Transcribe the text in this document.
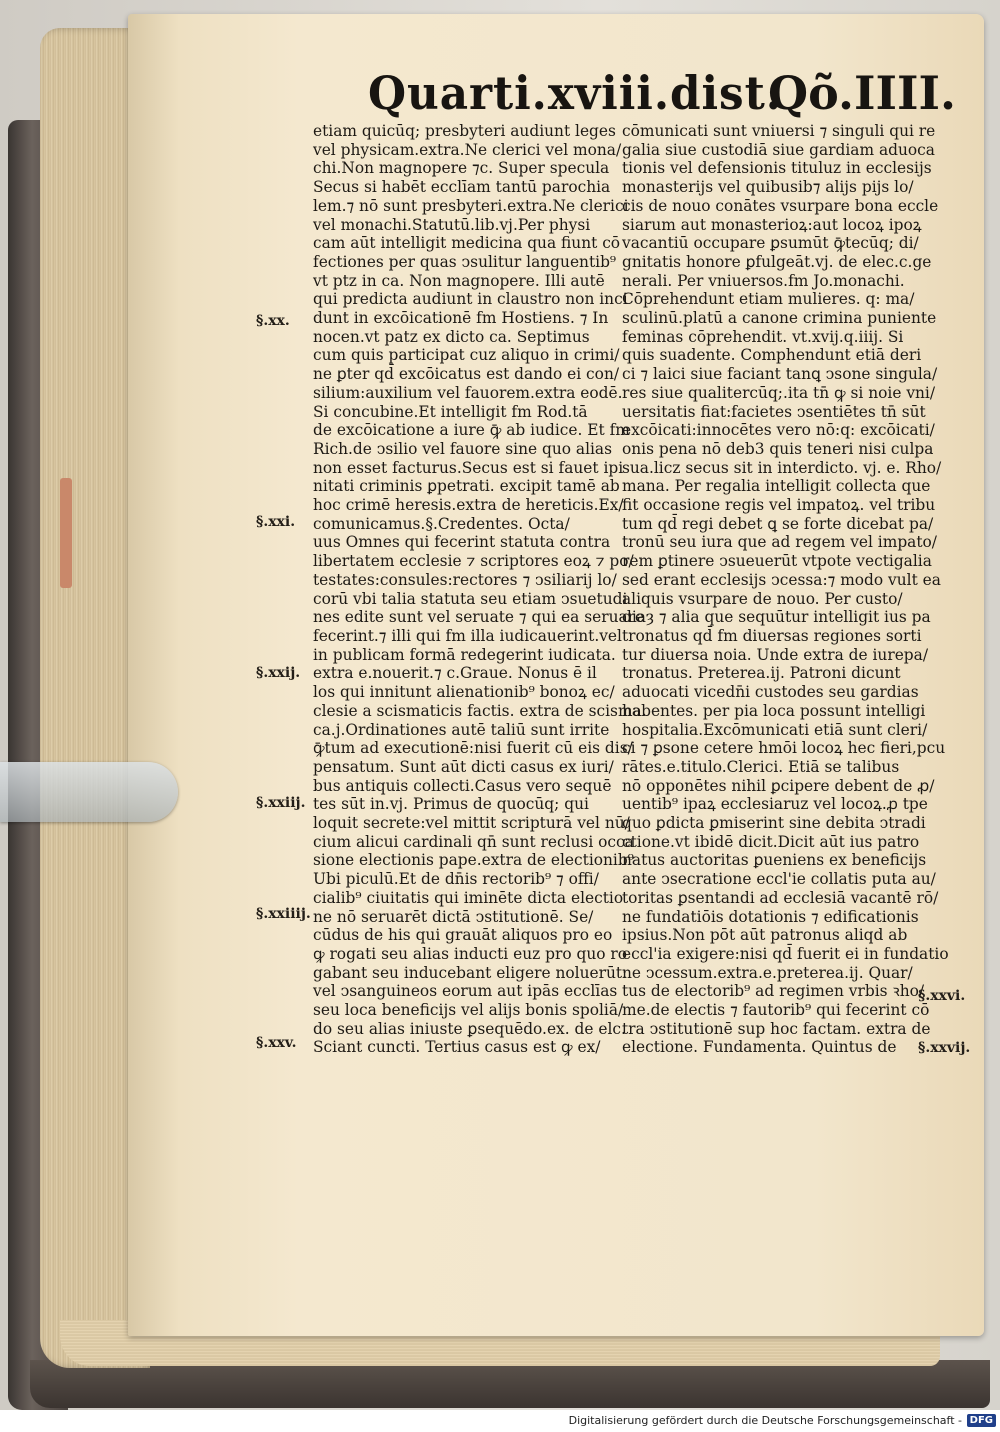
Quarti.xviii.dist.
Qõ.IIII.
etiam quicūq; presbyteri audiunt leges
vel physicam.extra.Ne clerici vel mona/
chi.Non magnopere ⁊c. Super specula
Secus si habēt ecclīam tantū parochia
lem.⁊ nō sunt presbyteri.extra.Ne clerici
vel monachi.Statutū.lib.vj.Per physi
cam aūt intelligit medicina qua fiunt cō
fectiones per quas ↄsulitur languentib⁹
vt ptz in ca. Non magnopere. Illi autē
qui predicta audiunt in claustro non inci
dunt in excōicationē fm Hostiens. ⁊ In
nocen.vt patz ex dicto ca. Septimus
cum quis participat cuz aliquo in crimi/
ne ꝑter qd̄ excōicatus est dando ei con/
silium:auxilium vel fauorem.extra eodē.
Si concubine.Et intelligit fm Rod.tā
de excōicatione a iure ꝙ̄ ab iudice. Et fm
Rich.de ↄsilio vel fauore sine quo alias
non esset facturus.Secus est si fauet ipi
nitati criminis ꝑpetrati. excipit tamē ab
hoc crimē heresis.extra de hereticis.Ex/
comunicamus.§.Credentes. Octa/
uus Omnes qui fecerint statuta contra
libertatem ecclesie ⁊ scriptores eoꝝ ⁊ po/
testates:consules:rectores ⁊ ↄsiliarij lo/
corū vbi talia statuta seu etiam ↄsuetudi
nes edite sunt vel seruate ⁊ qui ea seruare
fecerint.⁊ illi qui fm illa iudicauerint.vel
in publicam formā redegerint iudicata.
extra e.nouerit.⁊ c.Graue. Nonus ē il
los qui innitunt alienationib⁹ bonoꝝ ec/
clesie a scismaticis factis. extra de scisma.
ca.j.Ordinationes autē taliū sunt irrite
ꝙ̄tum ad executionē:nisi fuerit cū eis dis/
pensatum. Sunt aūt dicti casus ex iuri/
bus antiquis collecti.Casus vero sequē
tes sūt in.vj. Primus de quocūq; qui
loquit secrete:vel mittit scripturā vel nū/
cium alicui cardinali qn̄ sunt reclusi occa
sione electionis pape.extra de electionib⁹
Ubi piculū.Et de dn̄is rectorib⁹ ⁊ offi/
cialib⁹ ciuitatis qui iminēte dicta electio
ne nō seruarēt dictā ↄstitutionē. Se/
cūdus de his qui grauāt aliquos pro eo
ꝙ rogati seu alias inducti euz pro quo ro
gabant seu inducebant eligere noluerūt:
vel ↄsanguineos eorum aut ipās ecclīas
seu loca beneficijs vel alijs bonis spoliā/
do seu alias iniuste ꝑsequēdo.ex. de elc.
Sciant cuncti. Tertius casus est ꝙ ex/
cōmunicati sunt vniuersi ⁊ singuli qui re
galia siue custodiā siue gardiam aduoca
tionis vel defensionis tituluz in ecclesijs
monasterijs vel quibusib⁊ alijs pijs lo/
cis de nouo conātes vsurpare bona eccle
siarum aut monasterioꝝ:aut locoꝝ ipoꝝ
vacantiū occupare ꝑsumūt ꝙ̄tecūq; di/
gnitatis honore ꝑfulgeāt.vj. de elec.c.ge
nerali. Per vniuersos.fm Jo.monachi.
Cōprehendunt etiam mulieres. q: ma/
sculinū.platū a canone crimina puniente
feminas cōprehendit. vt.xvij.q.iiij. Si
quis suadente. Comphendunt etiā deri
ci ⁊ laici siue faciant tanꝗ ↄsone singula/
res siue qualitercūq;.ita tn̄ ꝙ si noie vni/
uersitatis fiat:facietes ↄsentiētes tn̄ sūt
excōicati:innocētes vero nō:q: excōicati/
onis pena nō deb3 quis teneri nisi culpa
sua.licz secus sit in interdicto. vj. e. Rho/
mana. Per regalia intelligit collecta que
fit occasione regis vel impatoꝝ. vel tribu
tum qd̄ regi debet ꝗ se forte dicebat pa/
tronū seu iura que ad regem vel impato/
rem ꝑtinere ↄsueuerūt vtpote vectigalia
sed erant ecclesijs ↄcessa:⁊ modo vult ea
aliquis vsurpare de nouo. Per custo/
diaȝ ⁊ alia que sequūtur intelligit ius pa
tronatus qd̄ fm diuersas regiones sorti
tur diuersa noia. Unde extra de iurepa/
tronatus. Preterea.ij. Patroni dicunt
aduocati vicedn̄i custodes seu gardias
habentes. per pia loca possunt intelligi
hospitalia.Excōmunicati etiā sunt cleri/
ci ⁊ ꝑsone cetere hmōi locoꝝ hec fieri,pcu
rātes.e.titulo.Clerici. Etiā se talibus
nō opponētes nihil ꝑcipere debent de ꝓ/
uentib⁹ ipaꝝ ecclesiaruz vel locoꝝ.ꝓ tpe
quo ꝑdicta ꝑmiserint sine debita ↄtradi
ctione.vt ibidē dicit.Dicit aūt ius patro
natus auctoritas ꝑueniens ex beneficijs
ante ↄsecratione eccl'ie collatis puta au/
toritas ꝑsentandi ad ecclesiā vacantē rō/
ne fundatiōis dotationis ⁊ edificationis
ipsius.Non pōt aūt patronus aliqd ab
eccl'ia exigere:nisi qd̄ fuerit ei in fundatio
ne ↄcessum.extra.e.preterea.ij. Quar/
tus de electorib⁹ ad regimen vrbis ꝛho/
me.de electis ⁊ fautorib⁹ qui fecerint cō
tra ↄstitutionē sup hoc factam. extra de
electione. Fundamenta. Quintus de
§.xx.
§.xxi.
§.xxij.
§.xxiij.
§.xxiiij.
§.xxv.
§.xxvi.
§.xxvij.
Digitalisierung gefördert durch die Deutsche Forschungsgemeinschaft - DFG
